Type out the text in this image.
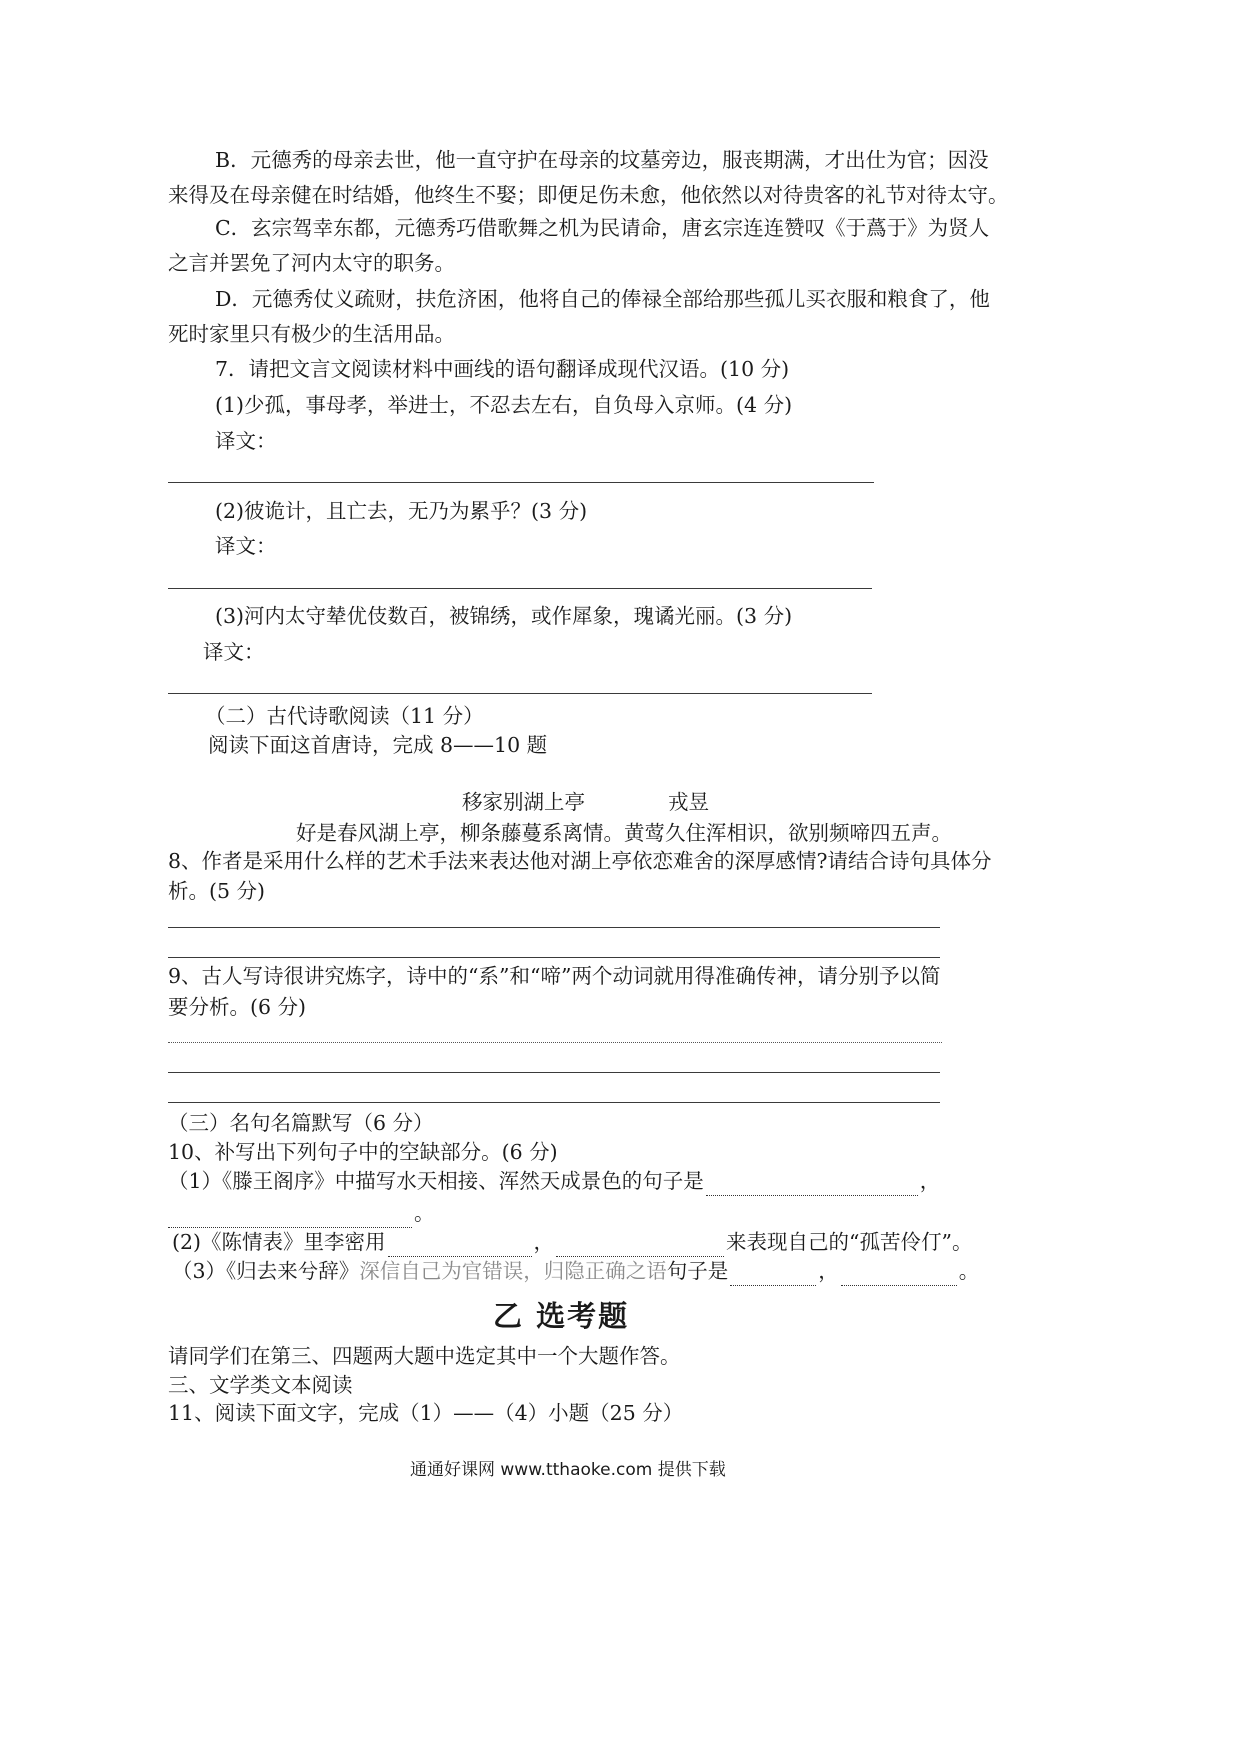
B．元德秀的母亲去世，他一直守护在母亲的坟墓旁边，服丧期满，才出仕为官；因没
来得及在母亲健在时结婚，他终生不娶；即便足伤未愈，他依然以对待贵客的礼节对待太守。
C．玄宗驾幸东都，元德秀巧借歌舞之机为民请命，唐玄宗连连赞叹《于蔿于》为贤人
之言并罢免了河内太守的职务。
D．元德秀仗义疏财，扶危济困，他将自己的俸禄全部给那些孤儿买衣服和粮食了，他
死时家里只有极少的生活用品。
7．请把文言文阅读材料中画线的语句翻译成现代汉语。(10 分)
(1)少孤，事母孝，举进士，不忍去左右，自负母入京师。(4 分)
译文：
(2)彼诡计，且亡去，无乃为累乎？(3 分)
译文：
(3)河内太守辇优伎数百，被锦绣，或作犀象，瑰谲光丽。(3 分)
译文：
（二）古代诗歌阅读（11 分）
阅读下面这首唐诗，完成 8——10 题
移家别湖上亭	戎昱
好是春风湖上亭，柳条藤蔓系离情。黄莺久住浑相识，欲别频啼四五声。
8、作者是采用什么样的艺术手法来表达他对湖上亭依恋难舍的深厚感情?请结合诗句具体分
析。(5 分)
9、古人写诗很讲究炼字，诗中的“系”和“啼”两个动词就用得准确传神，请分别予以简
要分析。(6 分)
（三）名句名篇默写（6 分）
10、补写出下列句子中的空缺部分。(6 分)
（1）《滕王阁序》中描写水天相接、浑然天成景色的句子是	，
。
(2)《陈情表》里李密用	，	来表现自己的“孤苦伶仃”。
（3）《归去来兮辞》深信自己为官错误，归隐正确之语句子是	，	。
乙 选考题
请同学们在第三、四题两大题中选定其中一个大题作答。
三、文学类文本阅读
11、阅读下面文字，完成（1）——（4）小题（25 分）
通通好课网 www.tthaoke.com 提供下载
